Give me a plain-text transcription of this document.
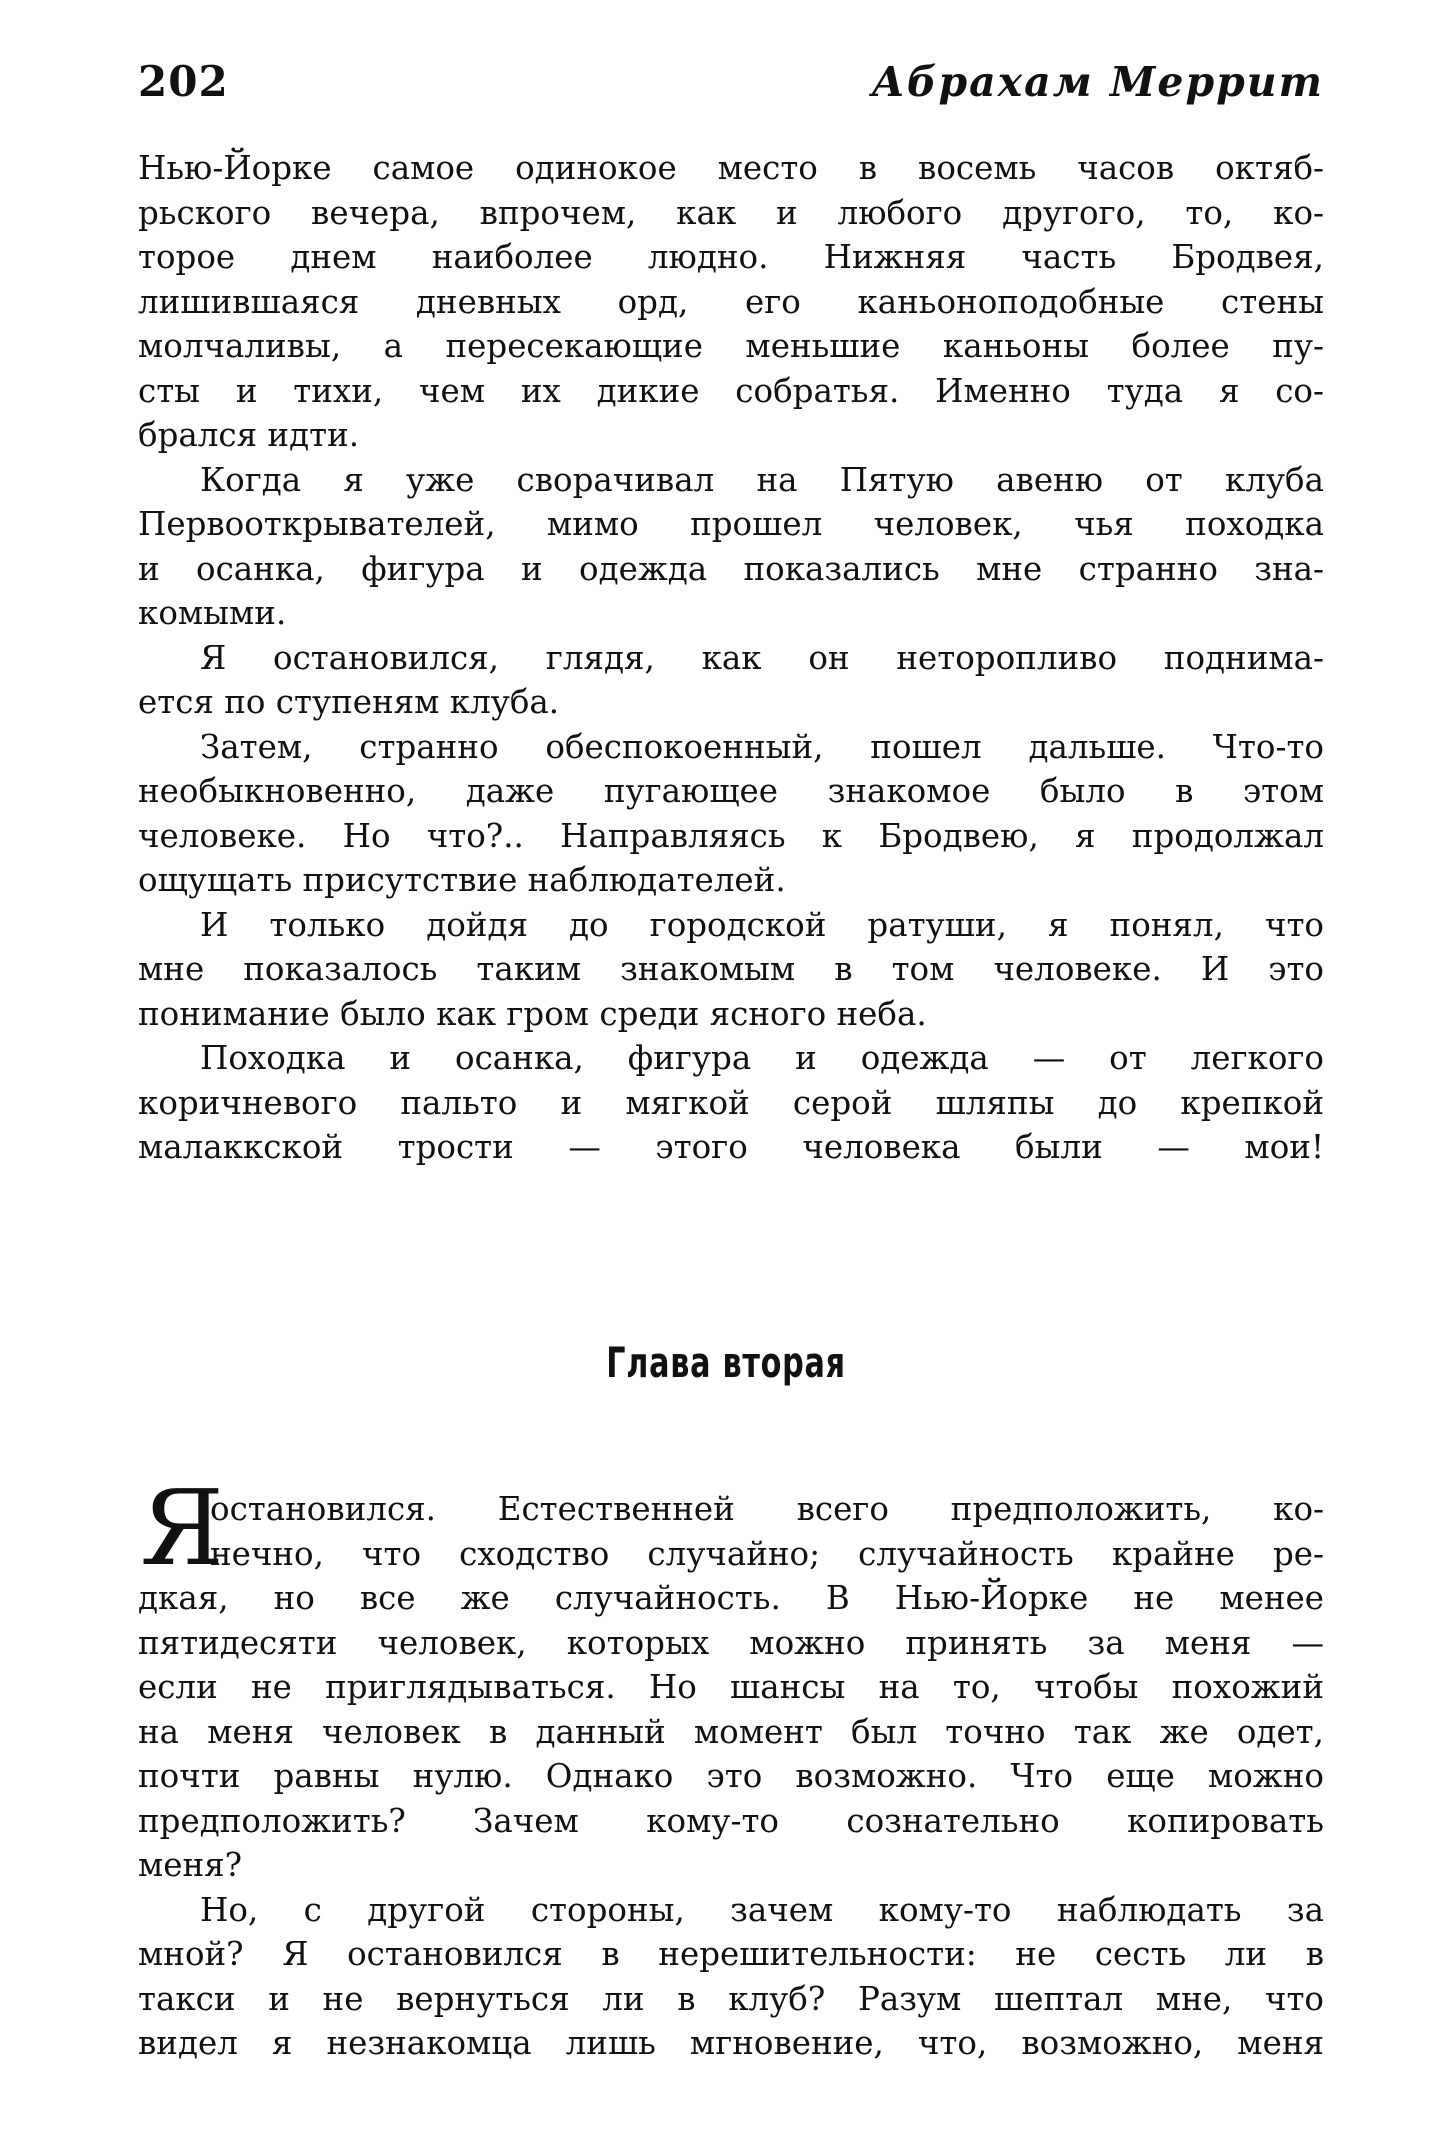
202	Абрахам Меррит
Нью-Йорке самое одинокое место в восемь часов октяб-
рьского вечера, впрочем, как и любого другого, то, ко-
торое днем наиболее людно. Нижняя часть Бродвея,
лишившаяся дневных орд, его каньоноподобные стены
молчаливы, а пересекающие меньшие каньоны более пу-
сты и тихи, чем их дикие собратья. Именно туда я со-
брался идти.
Когда я уже сворачивал на Пятую авеню от клуба
Первооткрывателей, мимо прошел человек, чья походка
и осанка, фигура и одежда показались мне странно зна-
комыми.
Я остановился, глядя, как он неторопливо поднима-
ется по ступеням клуба.
Затем, странно обеспокоенный, пошел дальше. Что-то
необыкновенно, даже пугающее знакомое было в этом
человеке. Но что?.. Направляясь к Бродвею, я продолжал
ощущать присутствие наблюдателей.
И только дойдя до городской ратуши, я понял, что
мне показалось таким знакомым в том человеке. И это
понимание было как гром среди ясного неба.
Походка и осанка, фигура и одежда — от легкого
коричневого пальто и мягкой серой шляпы до крепкой
малаккской трости — этого человека были — мои!
Глава вторая
Я
остановился. Естественней всего предположить, ко-
нечно, что сходство случайно; случайность крайне ре-
дкая, но все же случайность. В Нью-Йорке не менее
пятидесяти человек, которых можно принять за меня —
если не приглядываться. Но шансы на то, чтобы похожий
на меня человек в данный момент был точно так же одет,
почти равны нулю. Однако это возможно. Что еще можно
предположить? Зачем кому-то сознательно копировать
меня?
Но, с другой стороны, зачем кому-то наблюдать за
мной? Я остановился в нерешительности: не сесть ли в
такси и не вернуться ли в клуб? Разум шептал мне, что
видел я незнакомца лишь мгновение, что, возможно, меня
